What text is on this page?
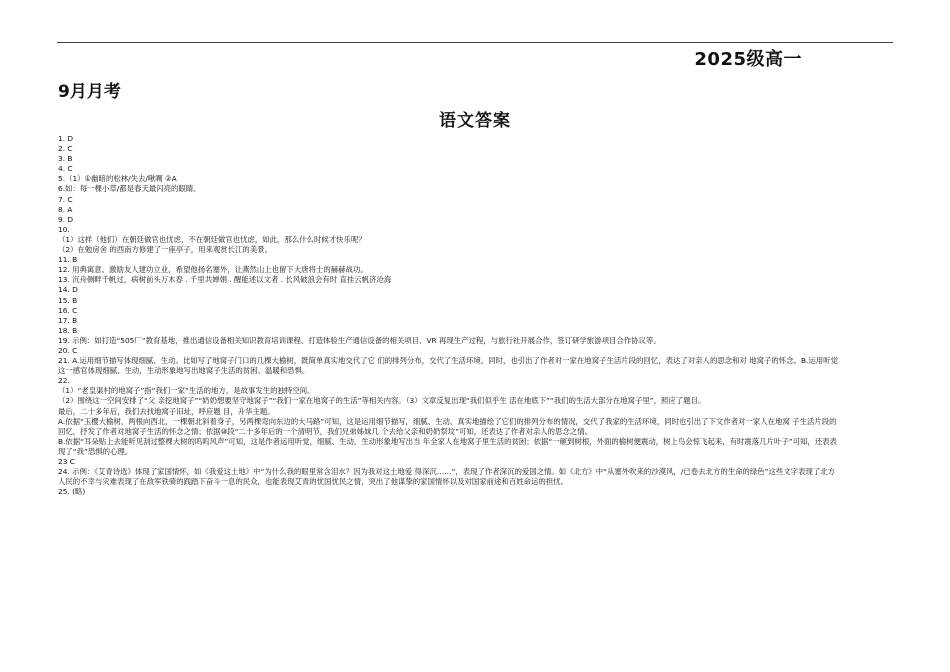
2025级高一
9月月考
语文答案
1. D
2. C
3. B
4. C
5.（1）①幽暗的松林/失去/啾啁 ②A
6.如：每一棵小草/都是春天最闪亮的眼睛。
7. C
8. A
9. D
10.
（1）这样（他们）在朝廷做官也忧虑，不在朝廷做官也忧虑，如此，那么什么时候才快乐呢？
（2）在勉房舍 的西南方修建了一座亭子，用来观赏长江的美景。
11. B
12. 用典寓意。激励友人建功立业，希望他扬名塞外，让燕然山上也留下大唐将士的赫赫战功。
13. 沉舟侧畔千帆过，病树前头万木春 . 千里共婵娟 . 醒能述以文者 . 长风破浪会有时 直挂云帆济沧海
14. D
15. B
16. C
17. B
18. B
19. 示例：如打造“505厂”教育基地，推出通信设备相关知识教育培训课程、打造体验生产通信设备的相关项目、VR 再现生产过程，与旅行社开展合作，签订研学旅游项目合作协议等。
20. C
21. A.运用细节描写体现细腻、生动。比如写了地窝子门口的几棵大榆树，既简单真实地交代了它 们的排列分布，交代了生活环境，同时，也引出了作者对一家在地窝子生活片段的回忆，表达了对亲人的思念和对 地窝子的怀念。B.运用听觉这一感官体现细腻、生动，生动形象地写出地窝子生活的贫困、温暖和恐惧。
22.
（1）“老皇渠村的地窝子”指“我们一家”生活的地方，是故事发生的独特空间。
（2）围绕这一空间安排了“父 亲挖地窝子”“奶奶想要坚守地窝子”“我们一家在地窝子的生活”等相关内容。（3）文章反复出现“我们似乎生 活在地底下”“我们的生活大部分在地窝子里”，照应了题目。
最后，二十多年后，我们去找地窝子旧址，呼应题 目，升华主题。
A.依据“玉樱大榆树，两根向西北，一棵朝北斜着身子，另两棵弯向东边的大马路”可知，这是运用细节描写，细腻、生动、真实地描绘了它们的排列分布的情况，交代了我家的生活环境，同时也引出了下文作者对一家人在地窝 子生活片段的回忆，抒发了作者对地窝子生活的怀念之情；依据⑩段“二十多年后的一个清明节，我们兄弟姊妹几 个去给父亲和奶奶祭坟”可知，还表达了作者对亲人的思念之情。
B.依据“耳朵贴上去能听见刮过整棵大树的呜呜风声”可知，这是作者运用听觉，细腻、生动，生动形象地写出当 年全家人在地窝子里生活的贫困；依据“一砸到树根，外面的榆树便震动，树上鸟会惊飞起来，有时震落几片叶子”可知，还表表现了“我”恐惧的心理。
23 C
24. 示例：《艾青诗选》体现了家国情怀，如《我爱这土地》中“为什么我的眼里常含泪水？因为我对这土地爱 得深沉……”，表现了作者深沉的爱国之情。如《北方》中“从塞外吹来的沙漠风，/已卷去北方的生命的绿色”这些文字表现了北方人民的不幸与灾难表现了在敌军铁骑的践踏下奋斗一息的民众，也能表现艾青的忧国忧民之情，突出了他谋挚的家国情怀以及对国家前途和百姓命运的担忧。
25. (略)
